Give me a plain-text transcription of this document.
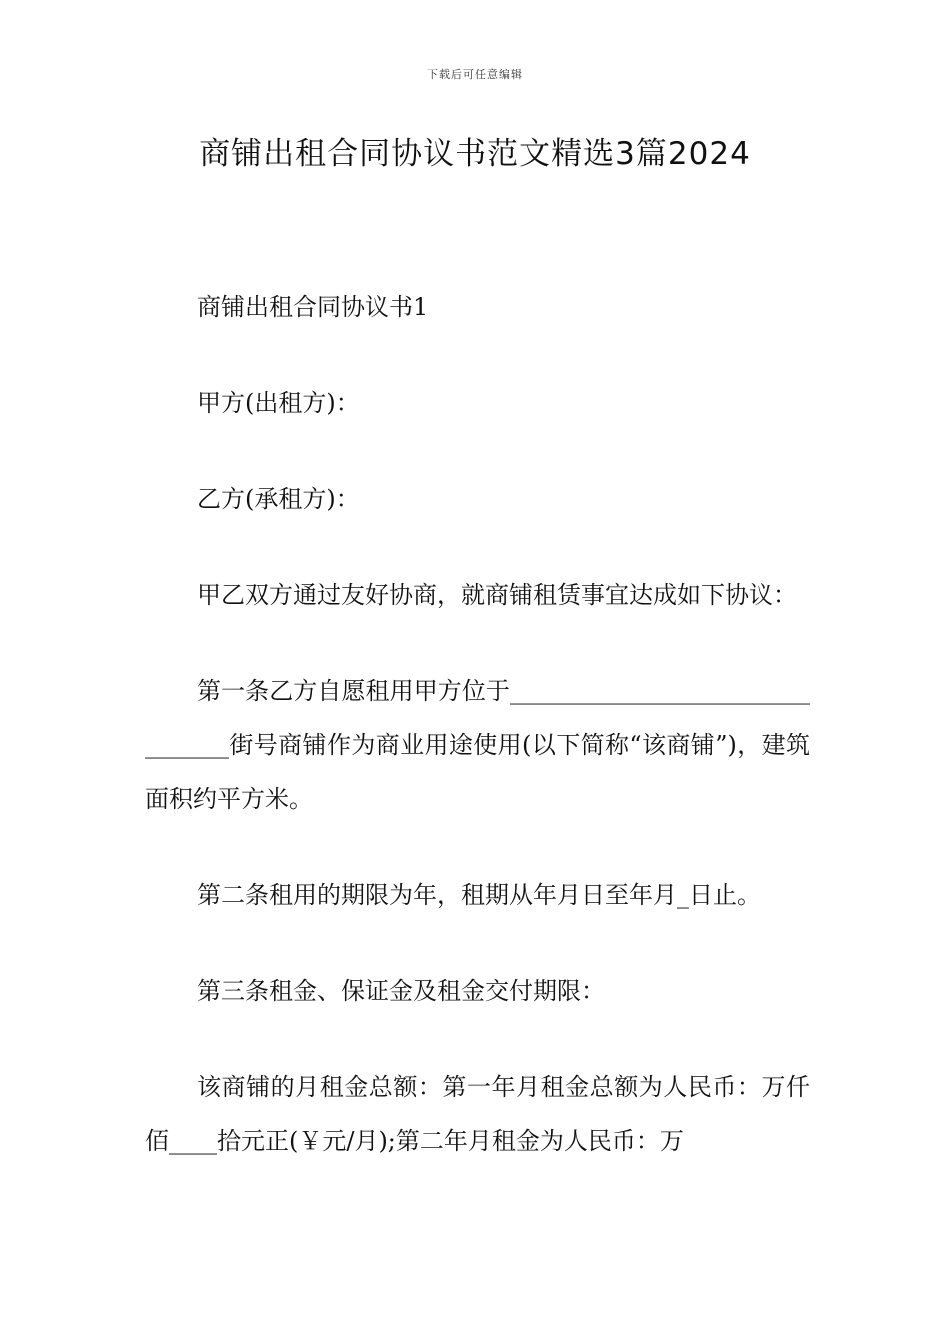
下载后可任意编辑
商铺出租合同协议书范文精选3篇2024

商铺出租合同协议书1

甲方(出租方)：

乙方(承租方)：

甲乙双方通过友好协商，就商铺租赁事宜达成如下协议：

第一条乙方自愿租用甲方位于________________________________街号商铺作为商业用途使用(以下简称“该商铺”)，建筑面积约平方米。

第二条租用的期限为年，租期从年月日至年月_日止。

第三条租金、保证金及租金交付期限：

该商铺的月租金总额：第一年月租金总额为人民币：万仟佰____拾元正(￥元/月);第二年月租金为人民币：万
